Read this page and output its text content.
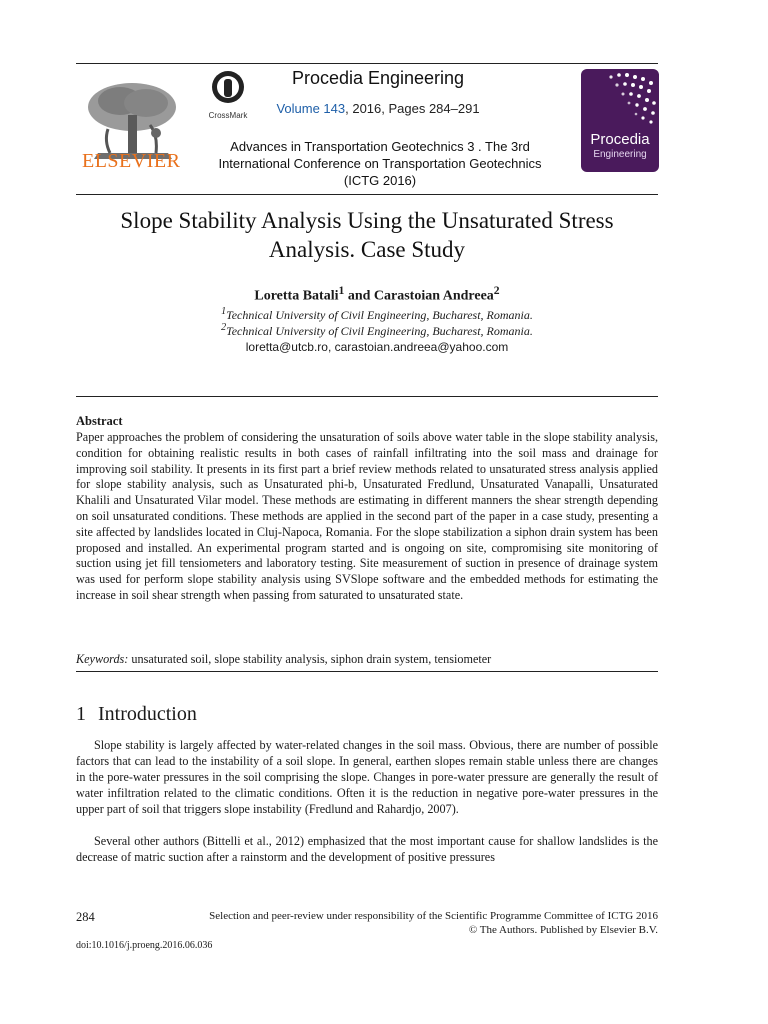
ELSEVIER
CrossMark
Procedia Engineering
Volume 143, 2016, Pages 284–291
Advances in Transportation Geotechnics 3 . The 3rd
International Conference on Transportation Geotechnics
(ICTG 2016)
Procedia
Engineering
Slope Stability Analysis Using the Unsaturated Stress
Analysis. Case Study
Loretta Batali$^1$ and Carastoian Andreea$^2$
$^1$Technical University of Civil Engineering, Bucharest, Romania.
$^2$Technical University of Civil Engineering, Bucharest, Romania.
loretta@utcb.ro, carastoian.andreea@yahoo.com
Abstract
Paper approaches the problem of considering the unsaturation of soils above water table in the slope stability analysis, condition for obtaining realistic results in both cases of rainfall infiltrating into the soil mass and drainage for improving soil stability. It presents in its first part a brief review methods related to unsaturated stress analysis applied for slope stability analysis, such as Unsaturated phi-b, Unsaturated Fredlund, Unsaturated Vanapalli, Unsaturated Khalili and Unsaturated Vilar model. These methods are estimating in different manners the shear strength depending on soil unsaturated conditions. These methods are applied in the second part of the paper in a case study, presenting a site affected by landslides located in Cluj-Napoca, Romania. For the slope stabilization a siphon drain system has been proposed and installed. An experimental program started and is ongoing on site, compromising site monitoring of suction using jet fill tensiometers and laboratory testing. Site measurement of suction in presence of drainage system was used for perform slope stability analysis using SVSlope software and the embedded methods for estimating the increase in soil shear strength when passing from saturated to unsaturated state.
Keywords: unsaturated soil, slope stability analysis, siphon drain system, tensiometer
1 Introduction
Slope stability is largely affected by water-related changes in the soil mass. Obvious, there are number of possible factors that can lead to the instability of a soil slope. In general, earthen slopes remain stable unless there are changes in the pore-water pressures in the soil comprising the slope. Changes in pore-water pressure are generally the result of water infiltration related to the climatic conditions. Often it is the reduction in negative pore-water pressures in the upper part of soil that triggers slope instability (Fredlund and Rahardjo, 2007).
Several other authors (Bittelli et al., 2012) emphasized that the most important cause for shallow landslides is the decrease of matric suction after a rainstorm and the development of positive pressures
284	Selection and peer-review under responsibility of the Scientific Programme Committee of ICTG 2016
© The Authors. Published by Elsevier B.V.
doi:10.1016/j.proeng.2016.06.036
